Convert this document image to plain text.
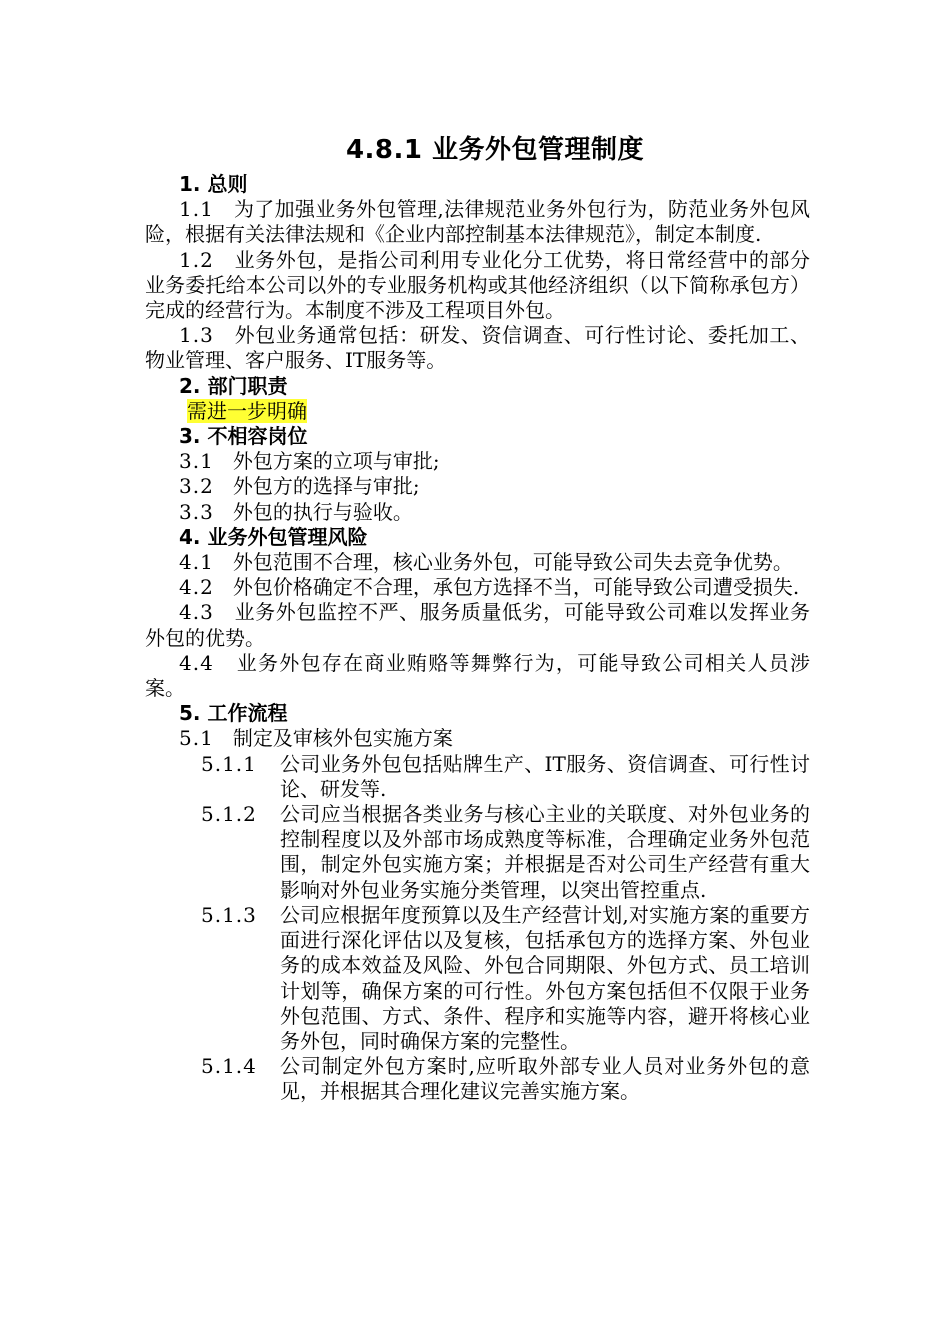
4.8.1 业务外包管理制度
1. 总则
1.1 为了加强业务外包管理,法律规范业务外包行为，防范业务外包风险，根据有关法律法规和《企业内部控制基本法律规范》，制定本制度.
1.2 业务外包，是指公司利用专业化分工优势，将日常经营中的部分业务委托给本公司以外的专业服务机构或其他经济组织（以下简称承包方）完成的经营行为。本制度不涉及工程项目外包。
1.3 外包业务通常包括：研发、资信调查、可行性讨论、委托加工、物业管理、客户服务、IT服务等。
2. 部门职责
需进一步明确
3. 不相容岗位
3.1 外包方案的立项与审批;
3.2 外包方的选择与审批;
3.3 外包的执行与验收。
4. 业务外包管理风险
4.1 外包范围不合理，核心业务外包，可能导致公司失去竞争优势。
4.2 外包价格确定不合理，承包方选择不当，可能导致公司遭受损失.
4.3 业务外包监控不严、服务质量低劣，可能导致公司难以发挥业务外包的优势。
4.4 业务外包存在商业贿赂等舞弊行为，可能导致公司相关人员涉案。
5. 工作流程
5.1 制定及审核外包实施方案
5.1.1	公司业务外包包括贴牌生产、IT服务、资信调查、可行性讨论、研发等.
5.1.2	公司应当根据各类业务与核心主业的关联度、对外包业务的控制程度以及外部市场成熟度等标准，合理确定业务外包范围，制定外包实施方案；并根据是否对公司生产经营有重大影响对外包业务实施分类管理，以突出管控重点.
5.1.3	公司应根据年度预算以及生产经营计划,对实施方案的重要方面进行深化评估以及复核，包括承包方的选择方案、外包业务的成本效益及风险、外包合同期限、外包方式、员工培训计划等，确保方案的可行性。外包方案包括但不仅限于业务外包范围、方式、条件、程序和实施等内容，避开将核心业务外包，同时确保方案的完整性。
5.1.4	公司制定外包方案时,应听取外部专业人员对业务外包的意见，并根据其合理化建议完善实施方案。
